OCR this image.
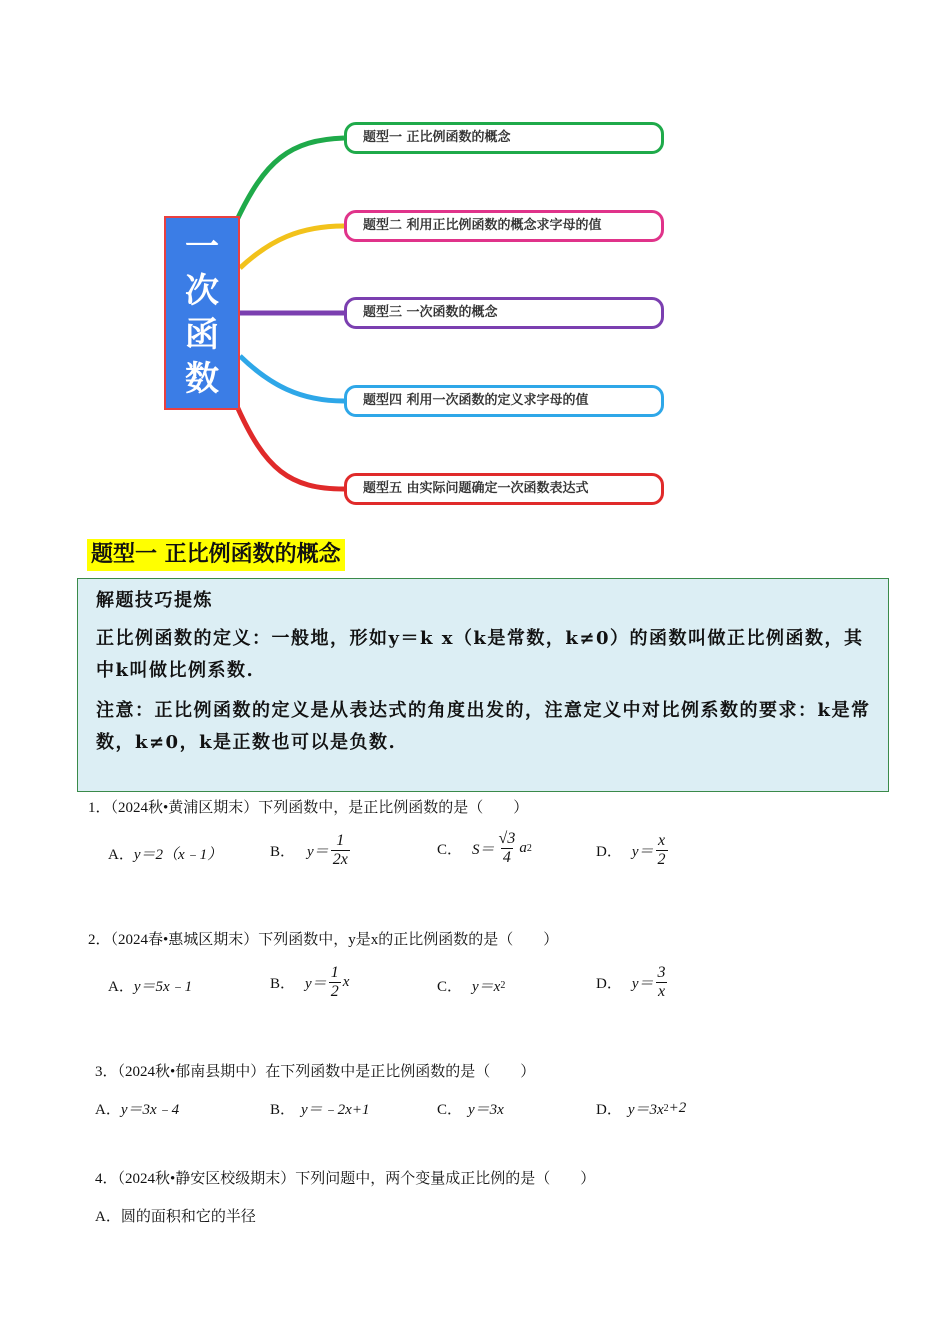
一
次
函
数
题型一 正比例函数的概念
题型二 利用正比例函数的概念求字母的值
题型三 一次函数的概念
题型四 利用一次函数的定义求字母的值
题型五 由实际问题确定一次函数表达式
题型一 正比例函数的概念

解题技巧提炼

正比例函数的定义：一般地，形如y＝k x（k是常数，k≠0）的函数叫做正比例函数，其中k叫做比例系数.

注意：正比例函数的定义是从表达式的角度出发的，注意定义中对比例系数的要求：k是常数，k≠0，k是正数也可以是负数.

1．（2024秋•黄浦区期末）下列函数中，是正比例函数的是（　　）
A． y＝2（x﹣1）	B． $y= \frac{1}{2x}$	C． $S= \frac{√3}{4}$ a 2	D． $y= \frac{x}{2}$
2．（2024春•惠城区期末）下列函数中，y是x的正比例函数的是（　　）
A． y＝5x﹣1	B． $y= \frac{1}{2}$ x	C． y＝x 2	D． $y= \frac{3}{x}$
3．（2024秋•郁南县期中）在下列函数中是正比例函数的是（　　）
A． y＝3x﹣4	B． y＝﹣2x+1	C． y＝3x	D． y＝3x 2 +2
4．（2024秋•静安区校级期末）下列问题中，两个变量成正比例的是（　　）
A． 圆的面积和它的半径
